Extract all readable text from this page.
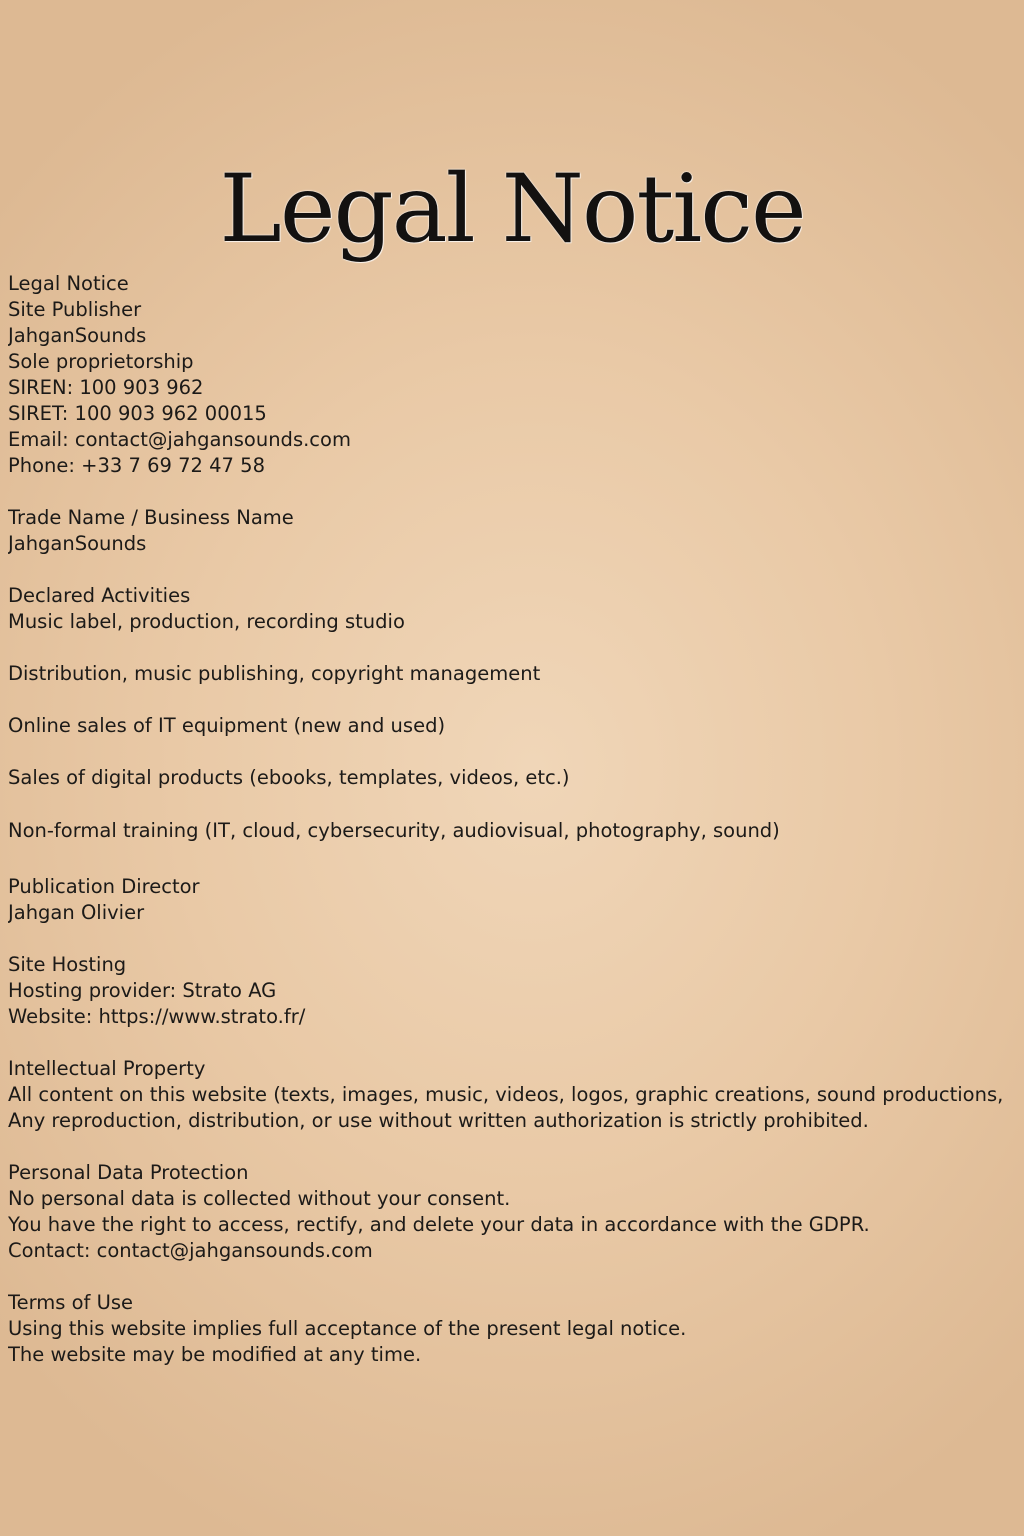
Legal Notice
Legal Notice
Site Publisher
JahganSounds
Sole proprietorship
SIREN: 100 903 962
SIRET: 100 903 962 00015
Email: contact@jahgansounds.com
Phone: +33 7 69 72 47 58
Trade Name / Business Name
JahganSounds
Declared Activities
Music label, production, recording studio
Distribution, music publishing, copyright management
Online sales of IT equipment (new and used)
Sales of digital products (ebooks, templates, videos, etc.)
Non-formal training (IT, cloud, cybersecurity, audiovisual, photography, sound)
Publication Director
Jahgan Olivier
Site Hosting
Hosting provider: Strato AG
Website: https://www.strato.fr/
Intellectual Property
All content on this website (texts, images, music, videos, logos, graphic creations, sound productions,
Any reproduction, distribution, or use without written authorization is strictly prohibited.
Personal Data Protection
No personal data is collected without your consent.
You have the right to access, rectify, and delete your data in accordance with the GDPR.
Contact: contact@jahgansounds.com
Terms of Use
Using this website implies full acceptance of the present legal notice.
The website may be modified at any time.
